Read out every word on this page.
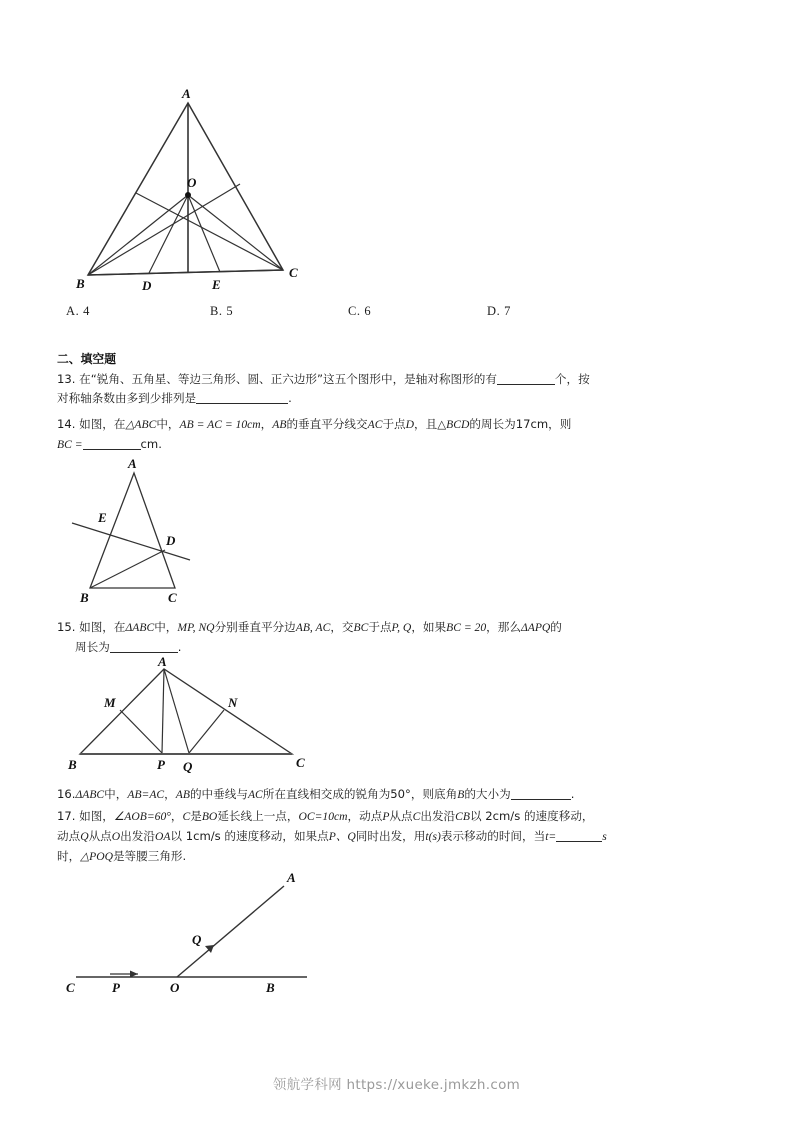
A
B
C
D	E
O
A. 4	B. 5	C. 6	D. 7
二、填空题
13. 在“锐角、五角星、等边三角形、圆、正六边形”这五个图形中，是轴对称图形的有	个，按
对称轴条数由多到少排列是	.
14. 如图，在△ABC中，AB = AC = 10cm，AB的垂直平分线交AC于点D，且△BCD的周长为17cm，则
BC =	cm.
A
B	C
D
E
15. 如图，在ΔABC中，MP, NQ分别垂直平分边AB, AC，交BC于点P, Q，如果BC = 20，那么ΔAPQ的
周长为	.
A
B	C
M	N
P Q
16.ΔABC中，AB=AC，AB的中垂线与AC所在直线相交成的锐角为50°，则底角B的大小为	.
17. 如图，∠AOB=60°，C是BO延长线上一点，OC=10cm，动点P从点C出发沿CB以 2cm/s 的速度移动，
动点Q从点O出发沿OA以 1cm/s 的速度移动，如果点P、Q同时出发，用t(s)表示移动的时间，当t=	s
时，△POQ是等腰三角形.
A
B
C	O
P
Q
领航学科网 https://xueke.jmkzh.com
